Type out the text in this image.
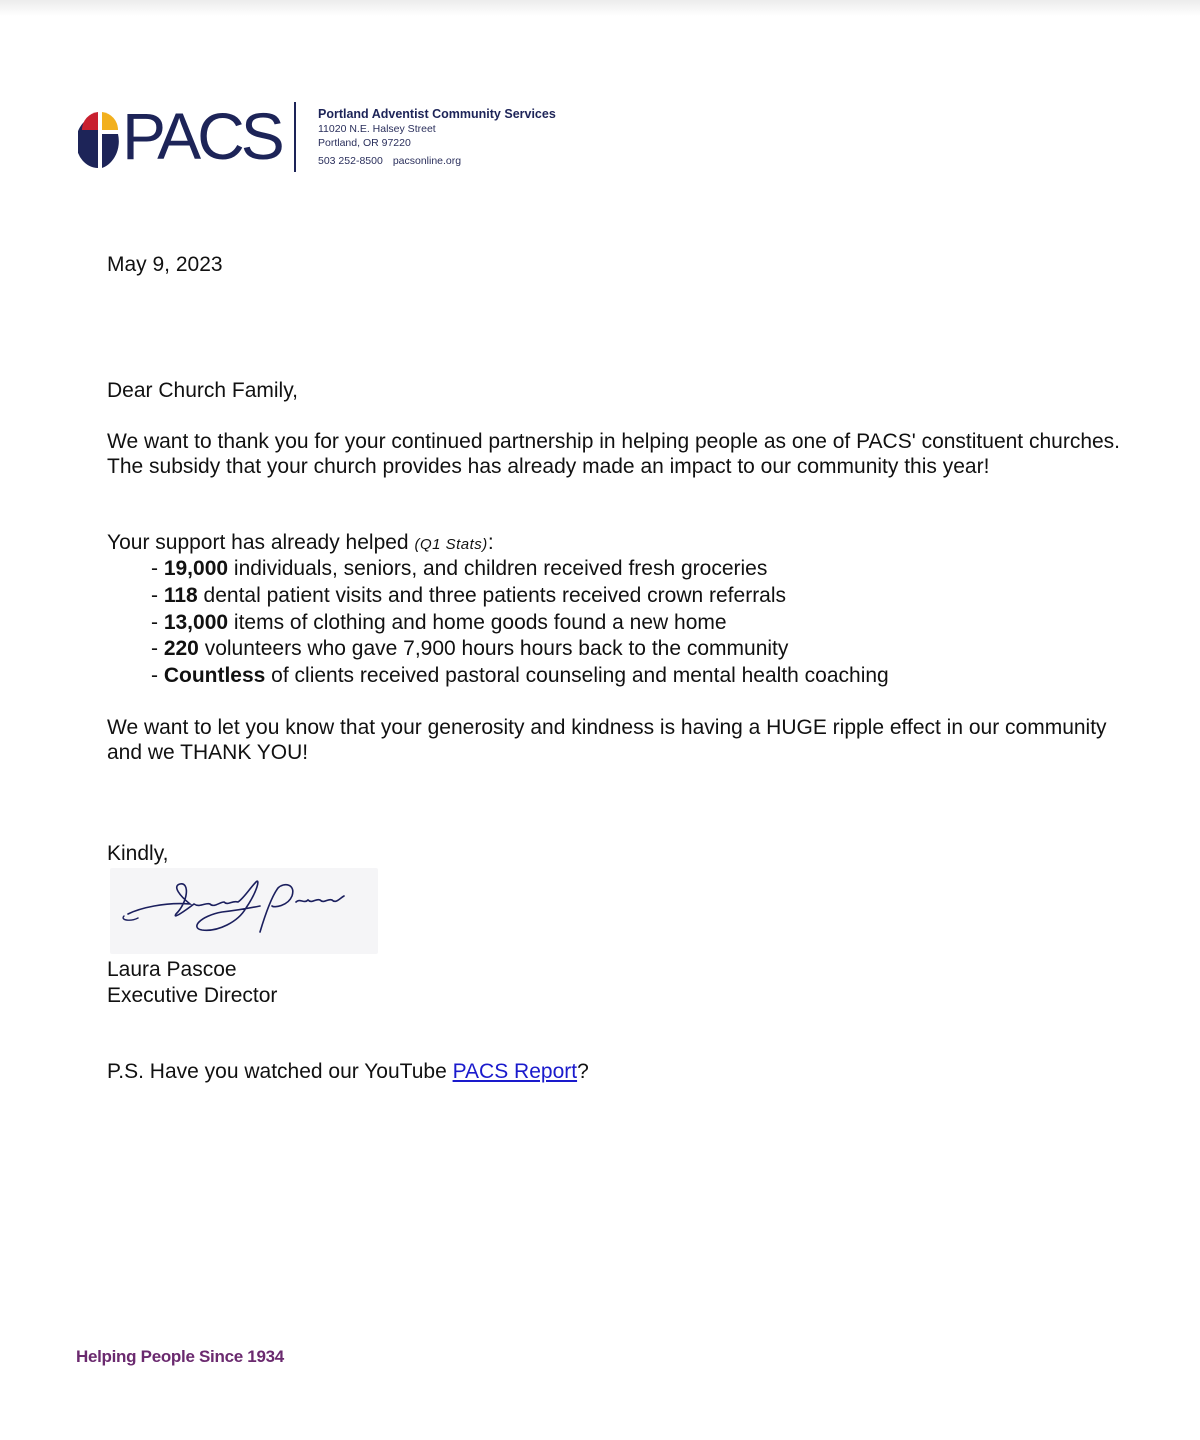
PACS	Portland Adventist Community Services
11020 N.E. Halsey Street
Portland, OR 97220
503 252-8500 pacsonline.org
May 9, 2023
Dear Church Family,
We want to thank you for your continued partnership in helping people as one of PACS' constituent churches. The subsidy that your church provides has already made an impact to our community this year!
Your support has already helped (Q1 Stats):
- 19,000 individuals, seniors, and children received fresh groceries
- 118 dental patient visits and three patients received crown referrals
- 13,000 items of clothing and home goods found a new home
- 220 volunteers who gave 7,900 hours hours back to the community
- Countless of clients received pastoral counseling and mental health coaching
We want to let you know that your generosity and kindness is having a HUGE ripple effect in our community and we THANK YOU!
Kindly,
Laura Pascoe
Executive Director
P.S. Have you watched our YouTube PACS Report?
Helping People Since 1934
